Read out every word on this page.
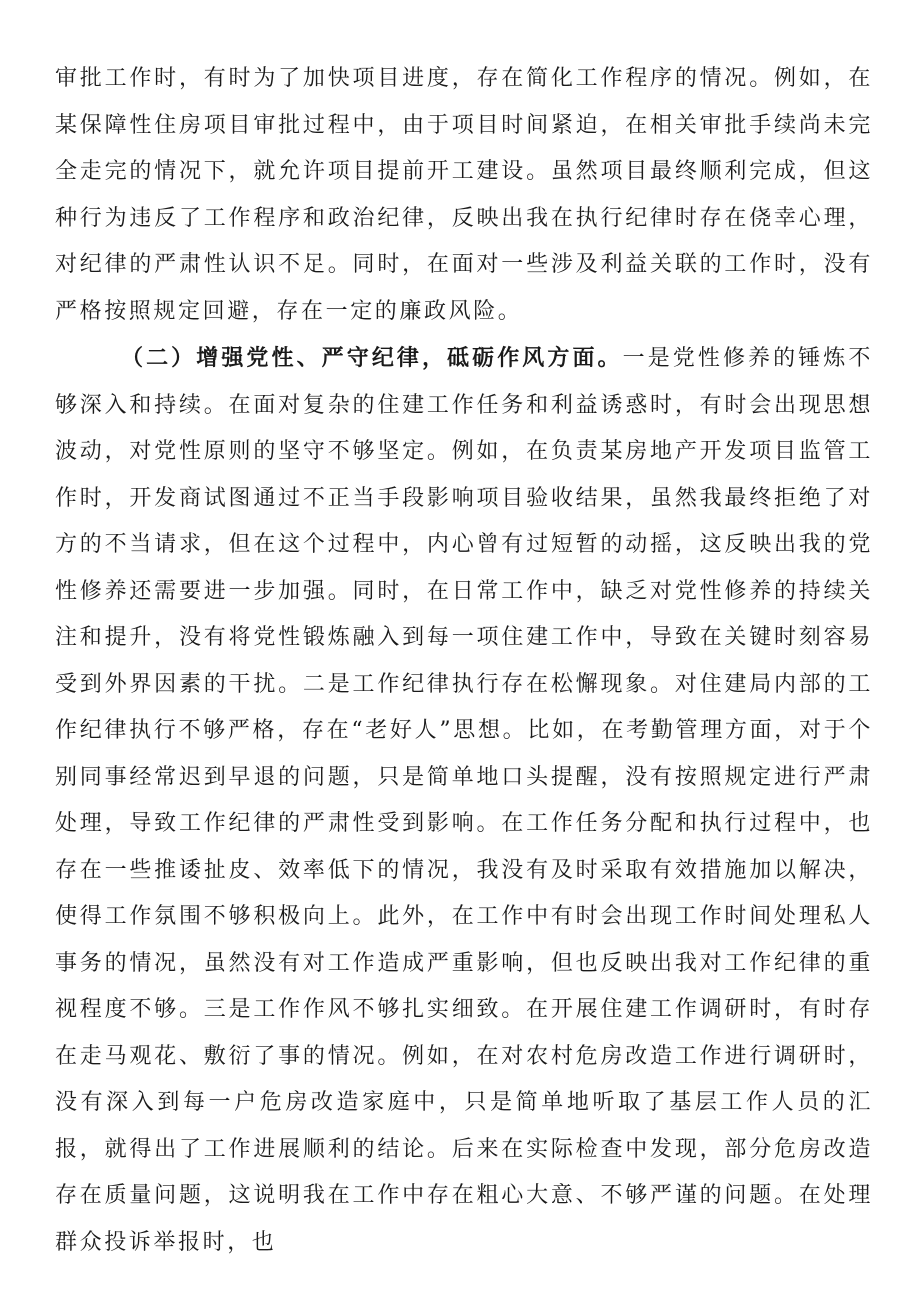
审批工作时，有时为了加快项目进度，存在简化工作程序的情况。例如，在某保障性住房项目审批过程中，由于项目时间紧迫，在相关审批手续尚未完全走完的情况下，就允许项目提前开工建设。虽然项目最终顺利完成，但这种行为违反了工作程序和政治纪律，反映出我在执行纪律时存在侥幸心理，对纪律的严肃性认识不足。同时，在面对一些涉及利益关联的工作时，没有严格按照规定回避，存在一定的廉政风险。

（二）增强党性、严守纪律，砥砺作风方面。一是党性修养的锤炼不够深入和持续。在面对复杂的住建工作任务和利益诱惑时，有时会出现思想波动，对党性原则的坚守不够坚定。例如，在负责某房地产开发项目监管工作时，开发商试图通过不正当手段影响项目验收结果，虽然我最终拒绝了对方的不当请求，但在这个过程中，内心曾有过短暂的动摇，这反映出我的党性修养还需要进一步加强。同时，在日常工作中，缺乏对党性修养的持续关注和提升，没有将党性锻炼融入到每一项住建工作中，导致在关键时刻容易受到外界因素的干扰。二是工作纪律执行存在松懈现象。对住建局内部的工作纪律执行不够严格，存在“老好人”思想。比如，在考勤管理方面，对于个别同事经常迟到早退的问题，只是简单地口头提醒，没有按照规定进行严肃处理，导致工作纪律的严肃性受到影响。在工作任务分配和执行过程中，也存在一些推诿扯皮、效率低下的情况，我没有及时采取有效措施加以解决，使得工作氛围不够积极向上。此外，在工作中有时会出现工作时间处理私人事务的情况，虽然没有对工作造成严重影响，但也反映出我对工作纪律的重视程度不够。三是工作作风不够扎实细致。在开展住建工作调研时，有时存在走马观花、敷衍了事的情况。例如，在对农村危房改造工作进行调研时，没有深入到每一户危房改造家庭中，只是简单地听取了基层工作人员的汇报，就得出了工作进展顺利的结论。后来在实际检查中发现，部分危房改造存在质量问题，这说明我在工作中存在粗心大意、不够严谨的问题。在处理群众投诉举报时，也
